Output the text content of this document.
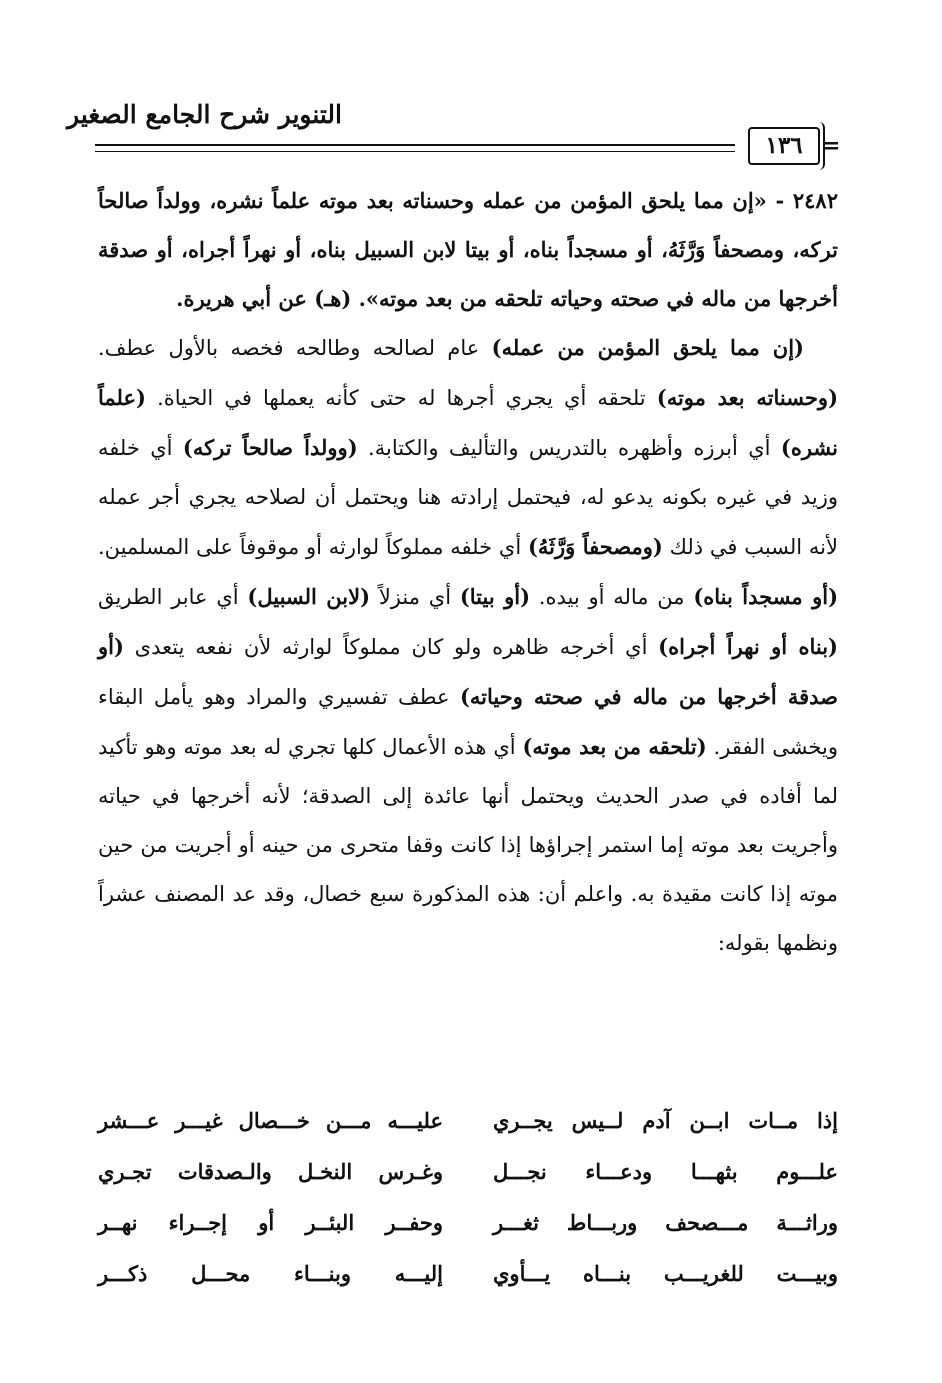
التنوير شرح الجامع الصغير
١٣٦ =

٢٤٨٢ - «إن مما يلحق المؤمن من عمله وحسناته بعد موته علماً نشره، وولداً صالحاً تركه، ومصحفاً وَرَّثَهُ، أو مسجداً بناه، أو بيتا لابن السبيل بناه، أو نهراً أجراه، أو صدقة أخرجها من ماله في صحته وحياته تلحقه من بعد موته». (هـ) عن أبي هريرة.

(إن مما يلحق المؤمن من عمله) عام لصالحه وطالحه فخصه بالأول عطف. (وحسناته بعد موته) تلحقه أي يجري أجرها له حتى كأنه يعملها في الحياة. (علماً نشره) أي أبرزه وأظهره بالتدريس والتأليف والكتابة. (وولداً صالحاً تركه) أي خلفه وزيد في غيره بكونه يدعو له، فيحتمل إرادته هنا ويحتمل أن لصلاحه يجري أجر عمله لأنه السبب في ذلك (ومصحفاً وَرَّثَهُ) أي خلفه مملوكاً لوارثه أو موقوفاً على المسلمين. (أو مسجداً بناه) من ماله أو بيده. (أو بيتا) أي منزلاً (لابن السبيل) أي عابر الطريق (بناه أو نهراً أجراه) أي أخرجه ظاهره ولو كان مملوكاً لوارثه لأن نفعه يتعدى (أو صدقة أخرجها من ماله في صحته وحياته) عطف تفسيري والمراد وهو يأمل البقاء ويخشى الفقر. (تلحقه من بعد موته) أي هذه الأعمال كلها تجري له بعد موته وهو تأكيد لما أفاده في صدر الحديث ويحتمل أنها عائدة إلى الصدقة؛ لأنه أخرجها في حياته وأجريت بعد موته إما استمر إجراؤها إذا كانت وقفا متحرى من حينه أو أجريت من حين موته إذا كانت مقيدة به. واعلم أن: هذه المذكورة سبع خصال، وقد عد المصنف عشراً ونظمها بقوله:

إذا مــات ابــن آدم لــيس يجــري
عليـــه مـــن خـــصال غيـــر عـــشر
علـــوم بثهـــا ودعـــاء نجـــل
وغـرس النخـل والـصدقات تجـري
وراثـــة مـــصحف وربـــاط ثغـــر
وحفــر البئــر أو إجــراء نهــر
وبيـــت للغريـــب بنـــاه يـــأوي
إليـــه وبنـــاء محـــل ذكـــر
